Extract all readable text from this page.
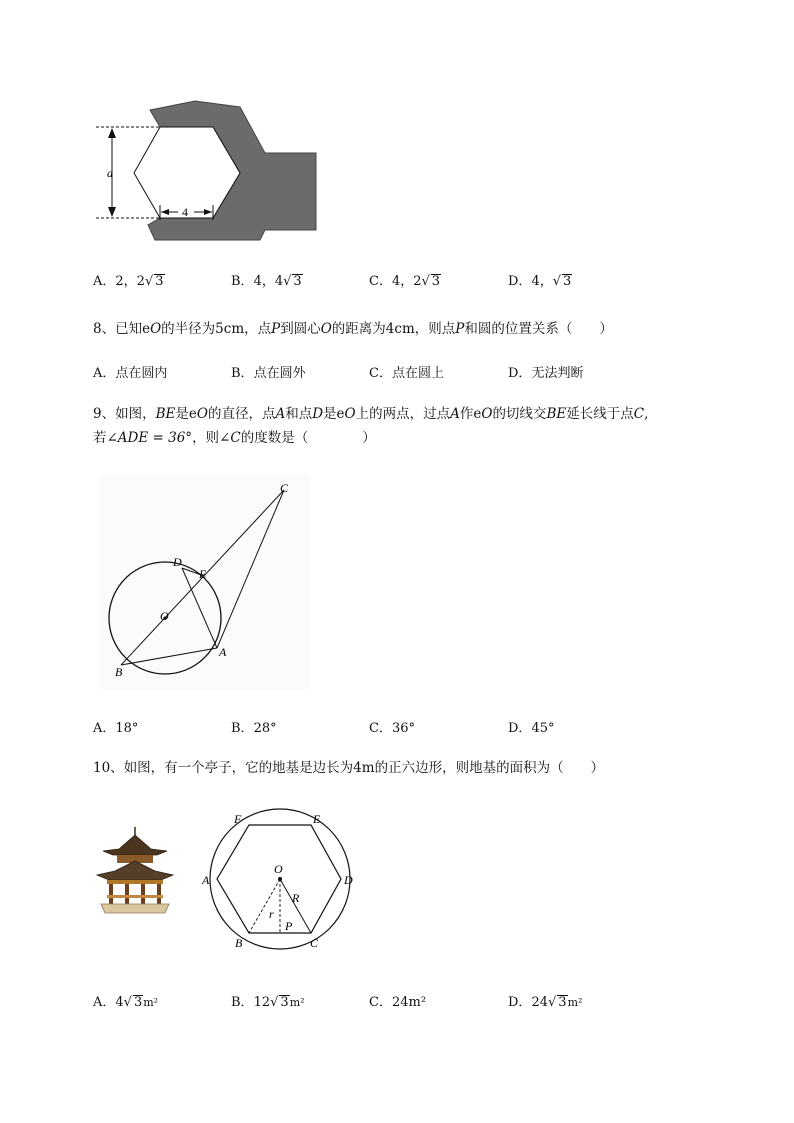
a
4
A．2，2√ 3	B．4，4√ 3	C．4，2√ 3	D．4，√ 3
8、已知eO的半径为5cm，点P到圆心O的距离为4cm，则点P和圆的位置关系（　　）
A．点在圆内	B．点在圆外	C．点在圆上	D．无法判断
9、如图，BE是eO的直径，点A和点D是eO上的两点，过点A作eO的切线交BE延长线于点C,
若∠ADE = 36°，则∠C的度数是（　　　　）
C
D
E
O
A
B
A．18°	B．28°	C．36°	D．45°
10、如图，有一个亭子，它的地基是边长为4m的正六边形，则地基的面积为（　　）
F	E
O
A	D
R
r
P
B	C
A．4√ 3m²	B．12√ 3m²	C．24m²	D．24√ 3m²
